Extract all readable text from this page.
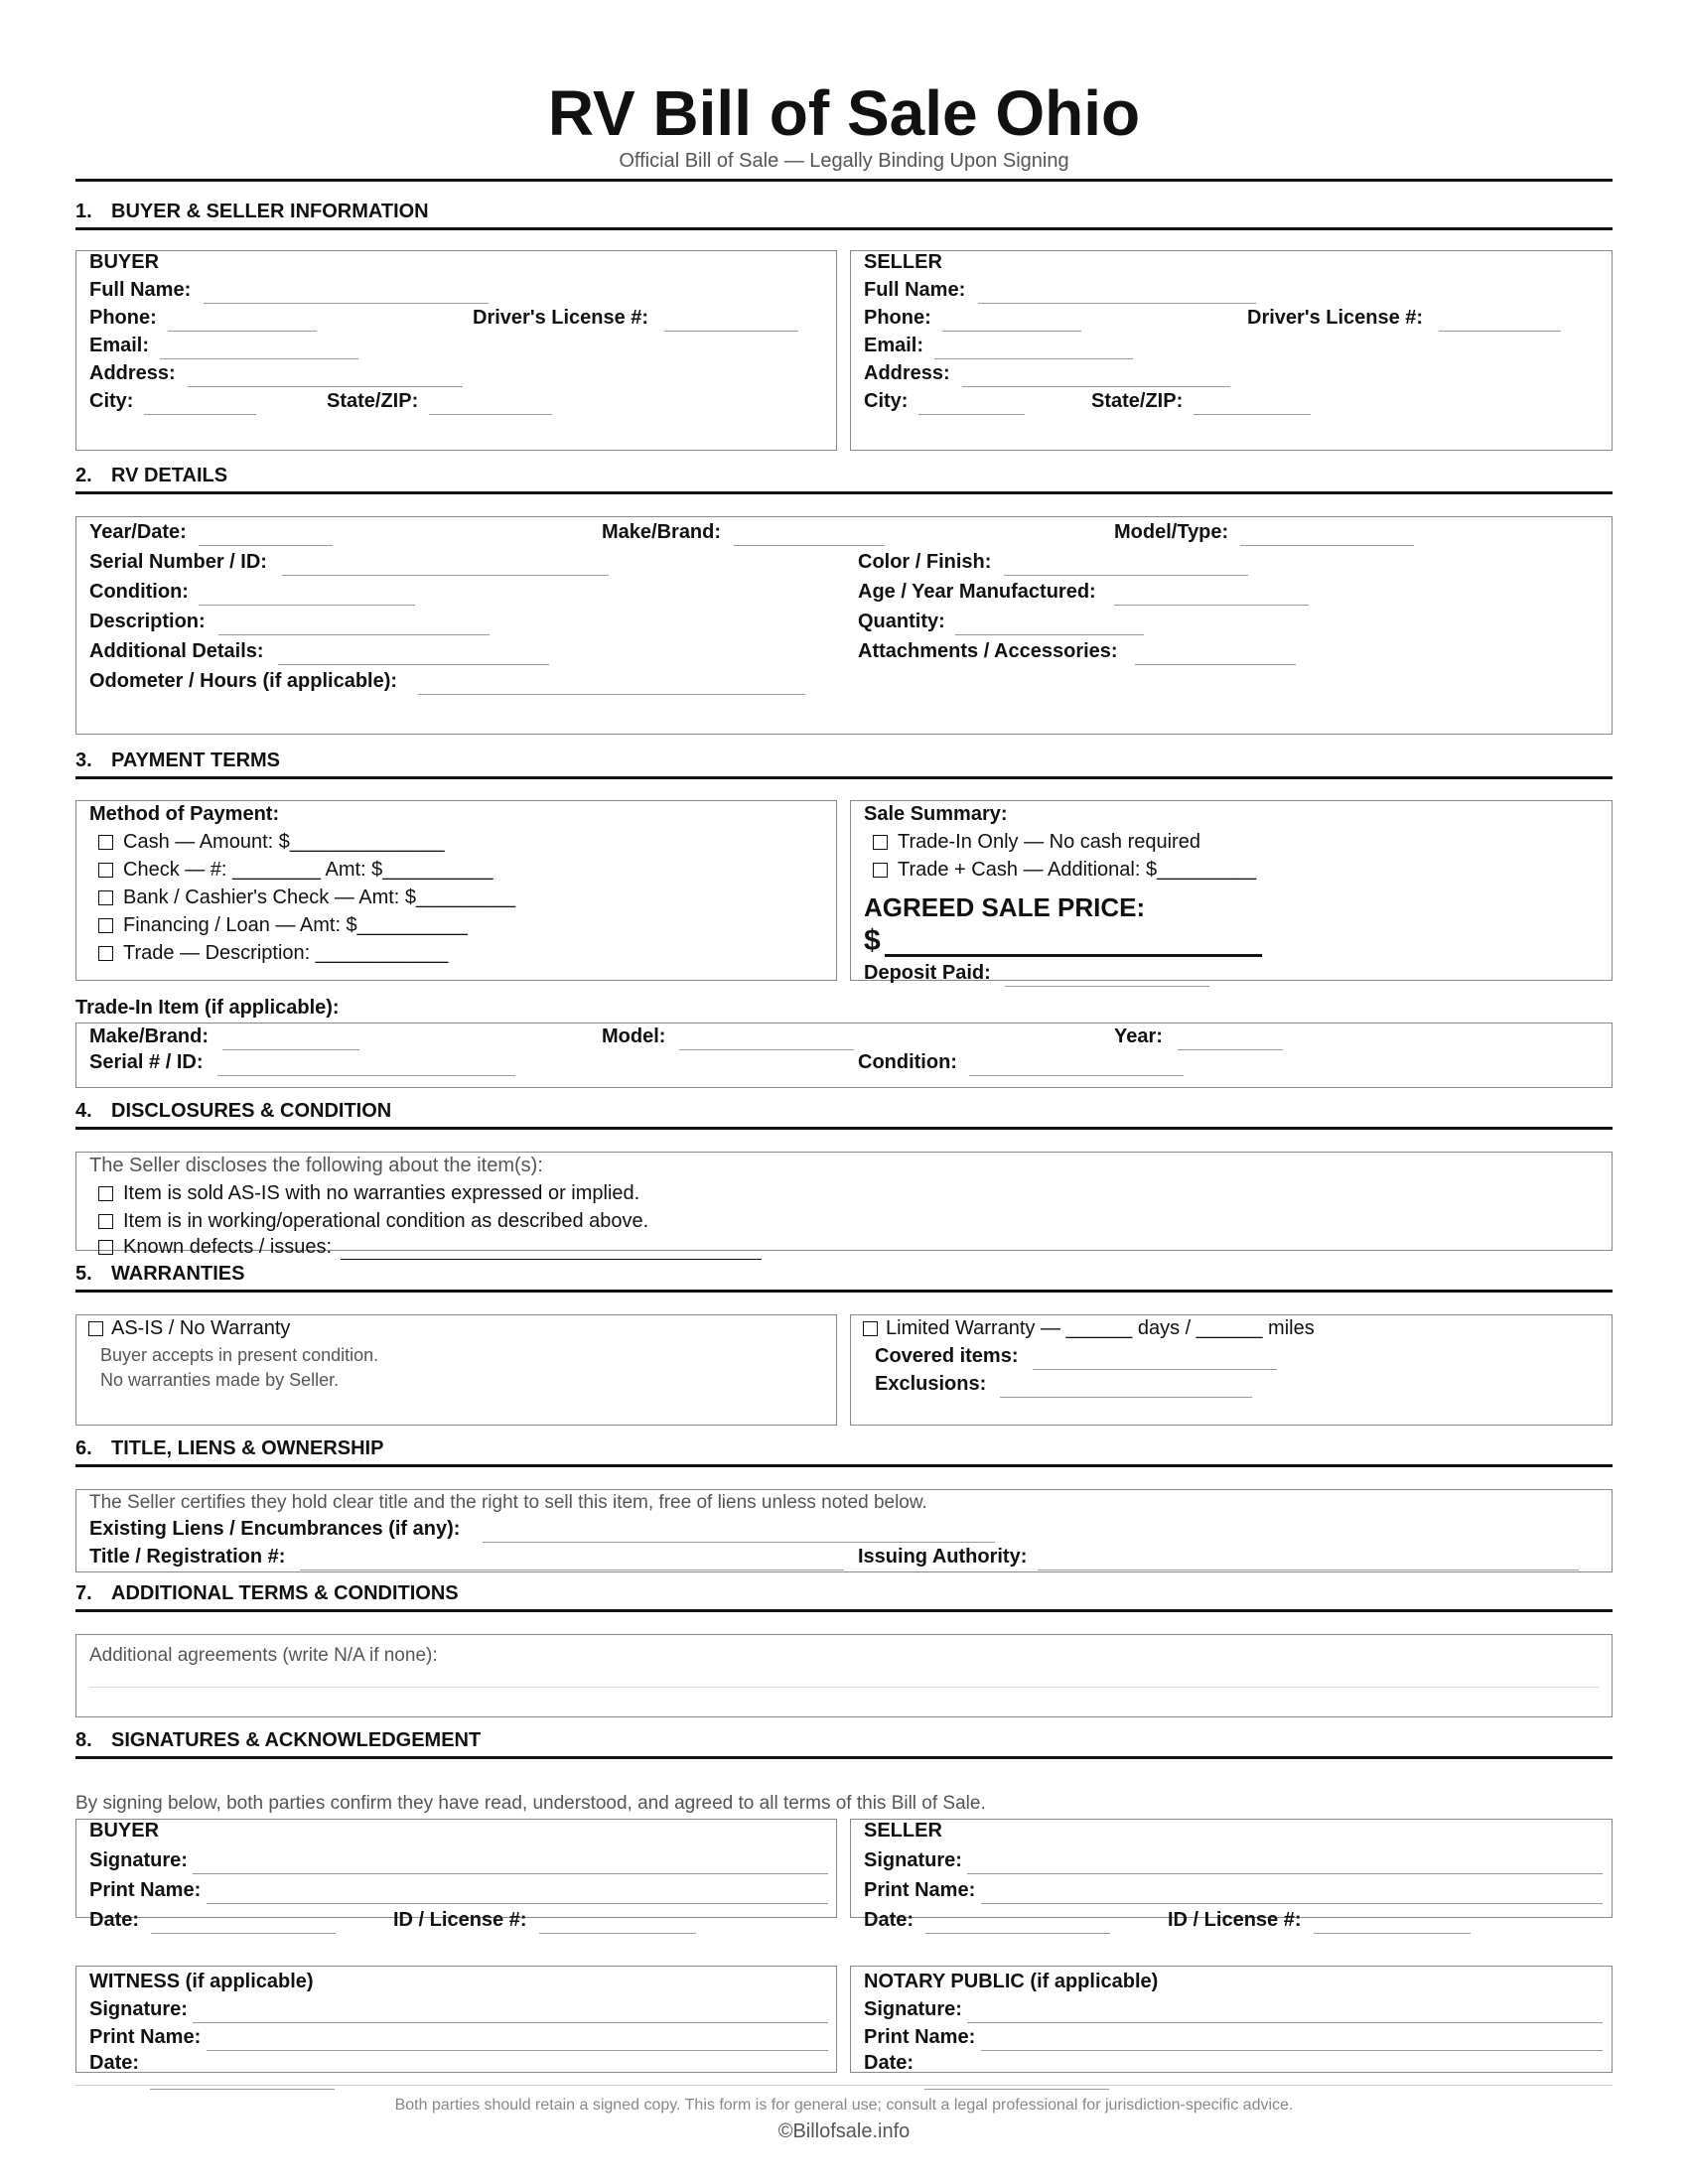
RV Bill of Sale Ohio
Official Bill of Sale — Legally Binding Upon Signing
1. BUYER & SELLER INFORMATION
BUYER
Full Name:
Phone:	Driver's License #:
Email:
Address:
City:	State/ZIP:
SELLER
Full Name:
Phone:	Driver's License #:
Email:
Address:
City:	State/ZIP:
2. RV DETAILS
Year/Date:	Make/Brand:	Model/Type:
Serial Number / ID:	Color / Finish:
Condition:	Age / Year Manufactured:
Description:	Quantity:
Additional Details:	Attachments / Accessories:
Odometer / Hours (if applicable):
3. PAYMENT TERMS
Method of Payment:
Cash — Amount: $______________
Check — #: ________ Amt: $__________
Bank / Cashier's Check — Amt: $_________
Financing / Loan — Amt: $__________
Trade — Description: ____________
Sale Summary:
Trade-In Only — No cash required
Trade + Cash — Additional: $_________
AGREED SALE PRICE:
$
Deposit Paid:
Trade-In Item (if applicable):
Make/Brand:	Model:	Year:
Serial # / ID:	Condition:
4. DISCLOSURES & CONDITION
The Seller discloses the following about the item(s):
Item is sold AS-IS with no warranties expressed or implied.
Item is in working/operational condition as described above.
Known defects / issues:
5. WARRANTIES
AS-IS / No Warranty
Buyer accepts in present condition.
No warranties made by Seller.
Limited Warranty — ______ days / ______ miles
Covered items:
Exclusions:
6. TITLE, LIENS & OWNERSHIP
The Seller certifies they hold clear title and the right to sell this item, free of liens unless noted below.
Existing Liens / Encumbrances (if any):
Title / Registration #:	Issuing Authority:
7. ADDITIONAL TERMS & CONDITIONS
Additional agreements (write N/A if none):
8. SIGNATURES & ACKNOWLEDGEMENT
By signing below, both parties confirm they have read, understood, and agreed to all terms of this Bill of Sale.
BUYER
Signature:
Print Name:
Date:	ID / License #:
SELLER
Signature:
Print Name:
Date:	ID / License #:
WITNESS (if applicable)
Signature:
Print Name:
Date:
NOTARY PUBLIC (if applicable)
Signature:
Print Name:
Date:
Both parties should retain a signed copy. This form is for general use; consult a legal professional for jurisdiction-specific advice.
©Billofsale.info
